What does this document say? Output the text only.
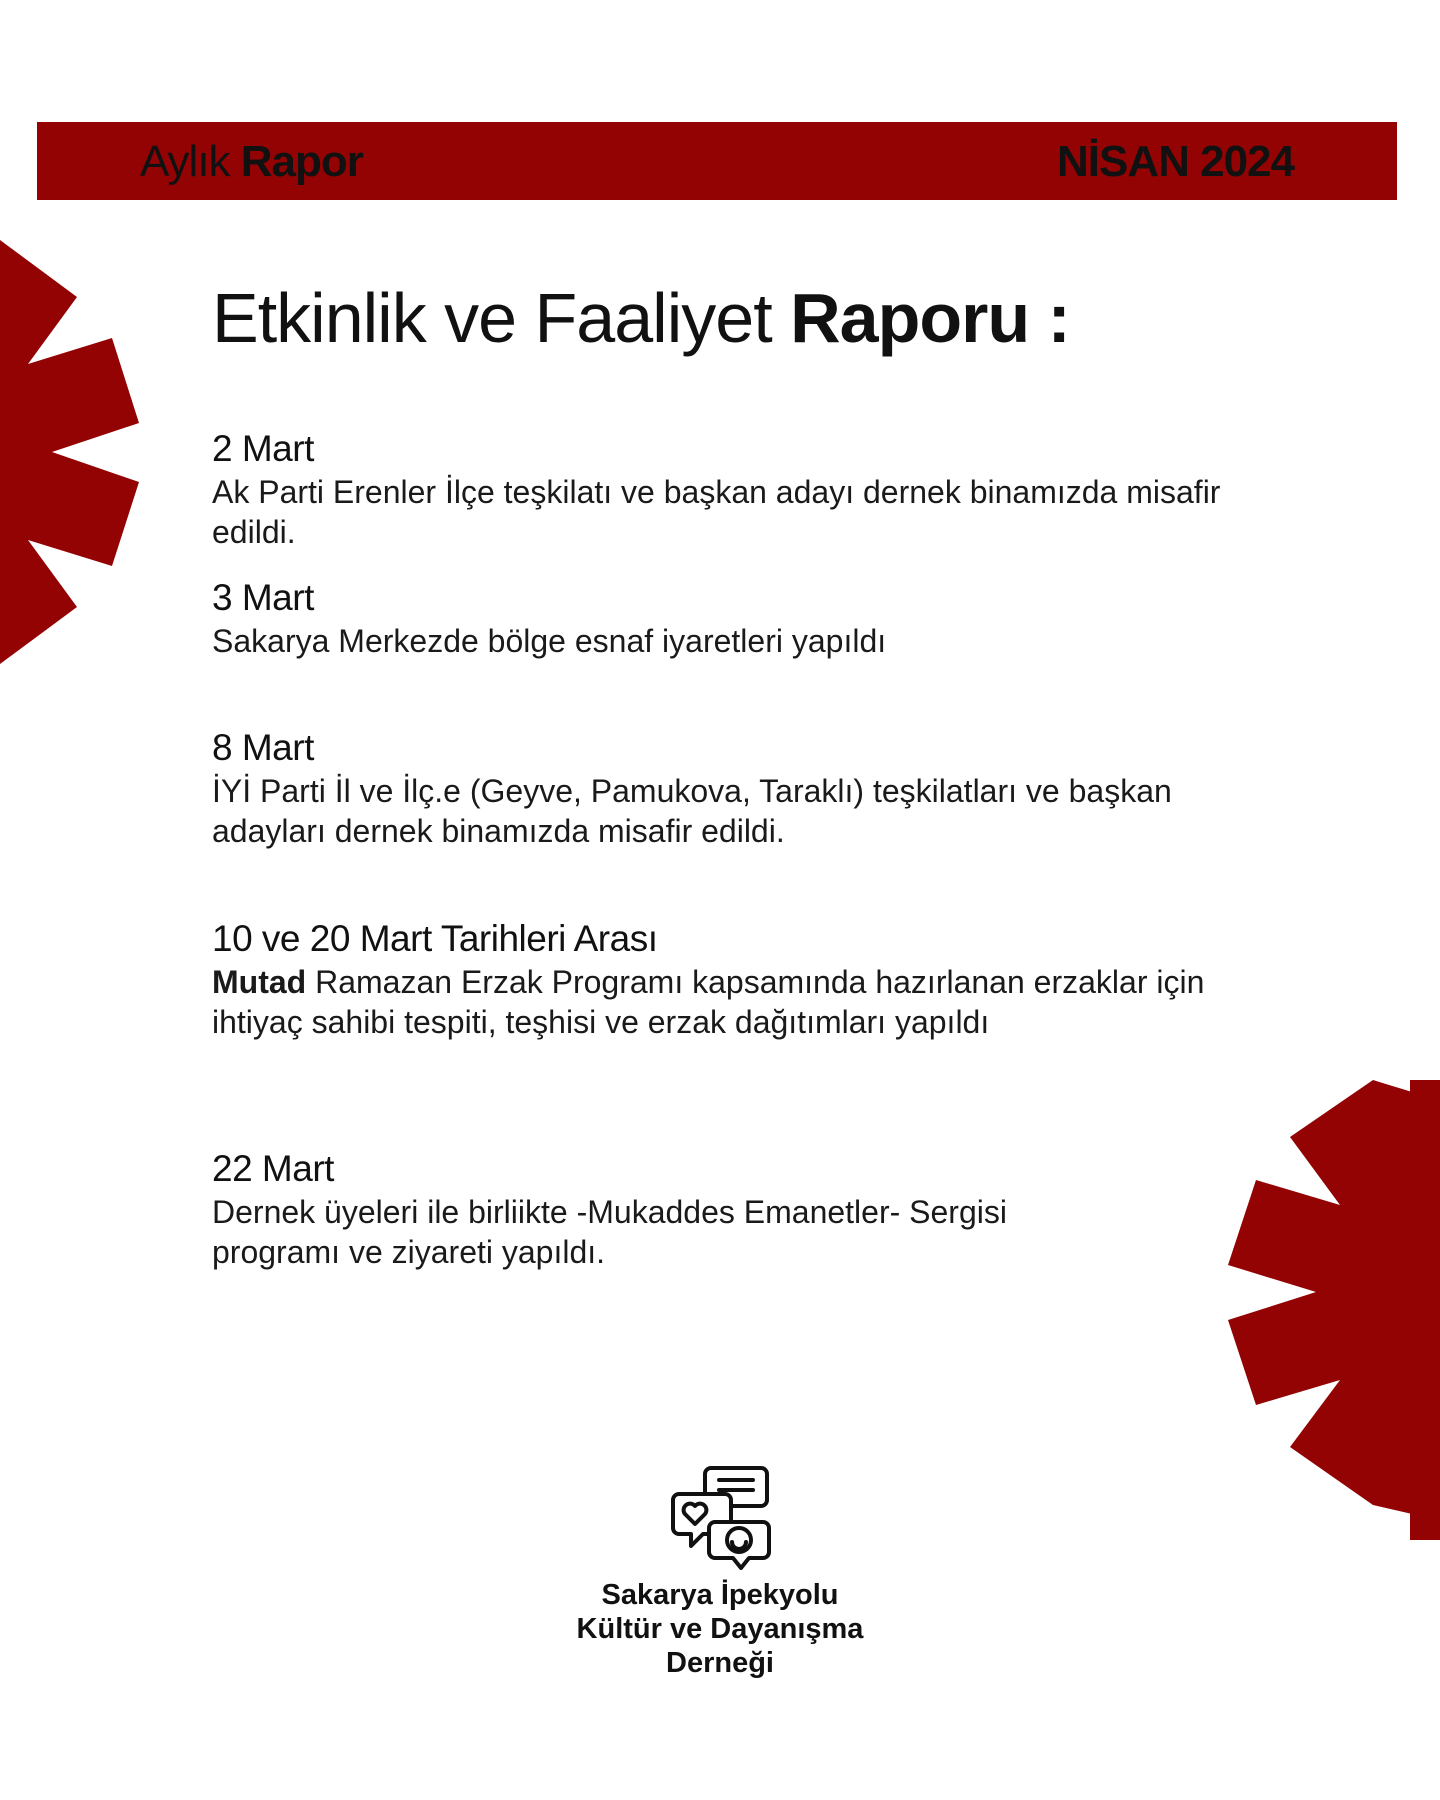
Aylık Rapor	NİSAN 2024
Etkinlik ve Faaliyet Raporu :
2 Mart
Ak Parti Erenler İlçe teşkilatı ve başkan adayı dernek binamızda misafir edildi.
3 Mart
Sakarya Merkezde bölge esnaf iyaretleri yapıldı
8 Mart
İYİ Parti İl ve İlç.e (Geyve, Pamukova, Taraklı) teşkilatları ve başkan adayları dernek binamızda misafir edildi.
10 ve 20 Mart Tarihleri Arası
Mutad Ramazan Erzak Programı kapsamında hazırlanan erzaklar için ihtiyaç sahibi tespiti, teşhisi ve erzak dağıtımları yapıldı
22 Mart
Dernek üyeleri ile birliikte -Mukaddes Emanetler- Sergisi programı ve ziyareti yapıldı.
Sakarya İpekyolu
Kültür ve Dayanışma
Derneği
